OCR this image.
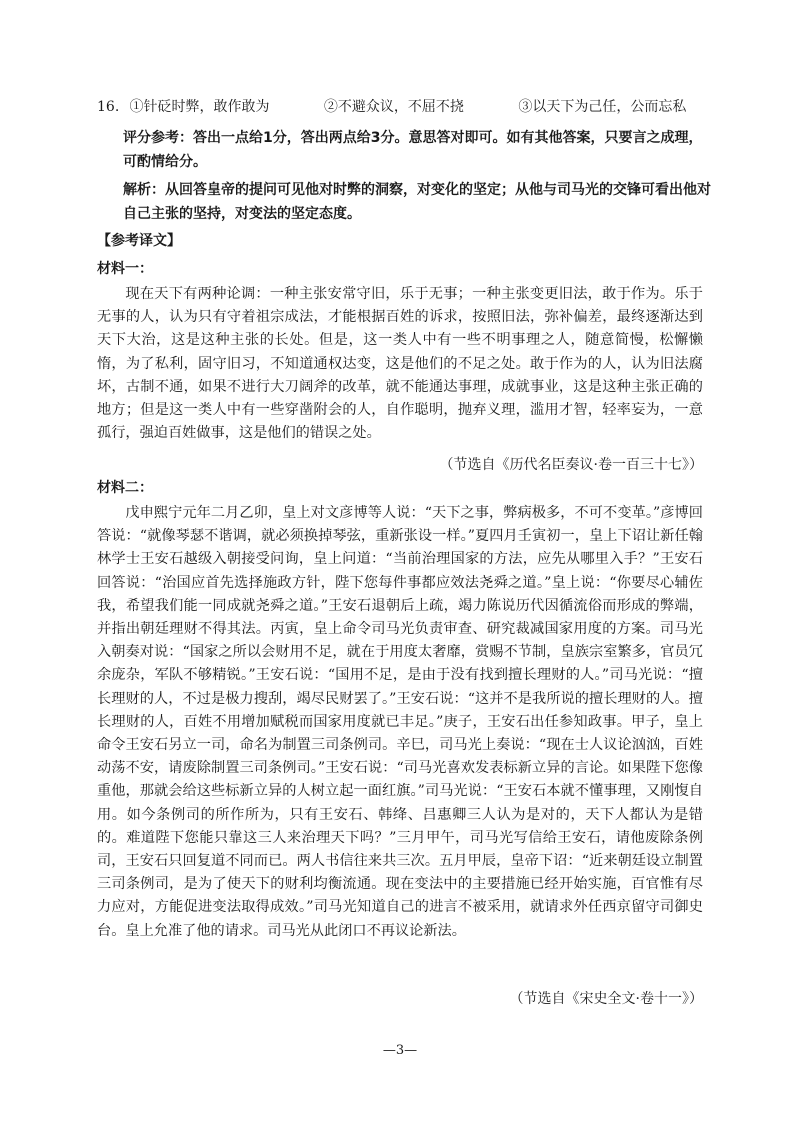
16. ①针砭时弊，敢作敢为	②不避众议，不屈不挠	③以天下为己任，公而忘私
评分参考：答出一点给1分，答出两点给3分。意思答对即可。如有其他答案，只要言之成理，可酌情给分。
解析：从回答皇帝的提问可见他对时弊的洞察，对变化的坚定；从他与司马光的交锋可看出他对自己主张的坚持，对变法的坚定态度。
【参考译文】
材料一：
现在天下有两种论调：一种主张安常守旧，乐于无事；一种主张变更旧法，敢于作为。乐于无事的人，认为只有守着祖宗成法，才能根据百姓的诉求，按照旧法，弥补偏差，最终逐渐达到天下大治，这是这种主张的长处。但是，这一类人中有一些不明事理之人，随意简慢，松懈懒惰，为了私利，固守旧习，不知道通权达变，这是他们的不足之处。敢于作为的人，认为旧法腐坏，古制不通，如果不进行大刀阔斧的改革，就不能通达事理，成就事业，这是这种主张正确的地方；但是这一类人中有一些穿凿附会的人，自作聪明，抛弃义理，滥用才智，轻率妄为，一意孤行，强迫百姓做事，这是他们的错误之处。
（节选自《历代名臣奏议·卷一百三十七》）
材料二：
戊申熙宁元年二月乙卯，皇上对文彦博等人说：“天下之事，弊病极多，不可不变革。”彦博回答说：“就像琴瑟不谐调，就必须换掉琴弦，重新张设一样。”夏四月壬寅初一，皇上下诏让新任翰林学士王安石越级入朝接受问询，皇上问道：“当前治理国家的方法，应先从哪里入手？”王安石回答说：“治国应首先选择施政方针，陛下您每件事都应效法尧舜之道。”皇上说：“你要尽心辅佐我，希望我们能一同成就尧舜之道。”王安石退朝后上疏，竭力陈说历代因循流俗而形成的弊端，并指出朝廷理财不得其法。丙寅，皇上命令司马光负责审查、研究裁减国家用度的方案。司马光入朝奏对说：“国家之所以会财用不足，就在于用度太奢靡，赏赐不节制，皇族宗室繁多，官员冗余庞杂，军队不够精锐。”王安石说：“国用不足，是由于没有找到擅长理财的人。”司马光说：“擅长理财的人，不过是极力搜刮，竭尽民财罢了。”王安石说：“这并不是我所说的擅长理财的人。擅长理财的人，百姓不用增加赋税而国家用度就已丰足。”庚子，王安石出任参知政事。甲子，皇上命令王安石另立一司，命名为制置三司条例司。辛巳，司马光上奏说：“现在士人议论汹汹，百姓动荡不安，请废除制置三司条例司。”王安石说：“司马光喜欢发表标新立异的言论。如果陛下您像重他，那就会给这些标新立异的人树立起一面红旗。”司马光说：“王安石本就不懂事理，又刚愎自用。如今条例司的所作所为，只有王安石、韩绛、吕惠卿三人认为是对的，天下人都认为是错的。难道陛下您能只靠这三人来治理天下吗？”三月甲午，司马光写信给王安石，请他废除条例司，王安石只回复道不同而已。两人书信往来共三次。五月甲辰，皇帝下诏：“近来朝廷设立制置三司条例司，是为了使天下的财利均衡流通。现在变法中的主要措施已经开始实施，百官惟有尽力应对，方能促进变法取得成效。”司马光知道自己的进言不被采用，就请求外任西京留守司御史台。皇上允准了他的请求。司马光从此闭口不再议论新法。
（节选自《宋史全文·卷十一》）
—3—
